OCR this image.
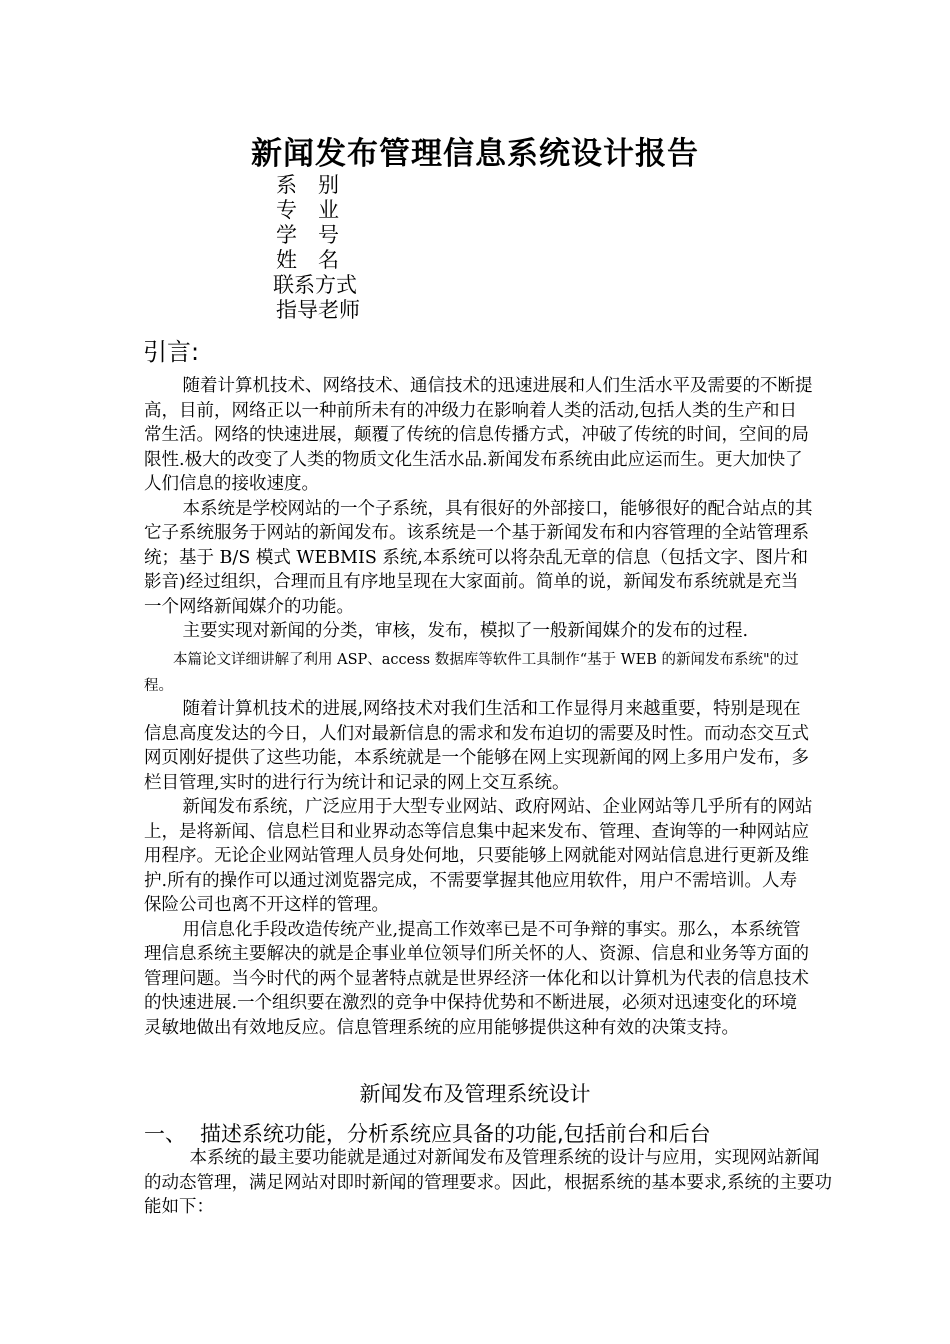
新闻发布管理信息系统设计报告
系　别
专　业
学　号
姓　名
联系方式
指导老师
引言:

随着计算机技术、网络技术、通信技术的迅速进展和人们生活水平及需要的不断提高，目前，网络正以一种前所未有的冲级力在影响着人类的活动,包括人类的生产和日常生活。网络的快速进展，颠覆了传统的信息传播方式，冲破了传统的时间，空间的局限性.极大的改变了人类的物质文化生活水品.新闻发布系统由此应运而生。更大加快了人们信息的接收速度。

本系统是学校网站的一个子系统，具有很好的外部接口，能够很好的配合站点的其它子系统服务于网站的新闻发布。该系统是一个基于新闻发布和内容管理的全站管理系统；基于 B/S 模式 WEBMIS 系统,本系统可以将杂乱无章的信息（包括文字、图片和影音)经过组织，合理而且有序地呈现在大家面前。简单的说，新闻发布系统就是充当一个网络新闻媒介的功能。

主要实现对新闻的分类，审核，发布，模拟了一般新闻媒介的发布的过程.

本篇论文详细讲解了利用 ASP、access 数据库等软件工具制作“基于 WEB 的新闻发布系统"的过程。

随着计算机技术的进展,网络技术对我们生活和工作显得月来越重要，特别是现在信息高度发达的今日，人们对最新信息的需求和发布迫切的需要及时性。而动态交互式网页刚好提供了这些功能，本系统就是一个能够在网上实现新闻的网上多用户发布，多栏目管理,实时的进行行为统计和记录的网上交互系统。

新闻发布系统，广泛应用于大型专业网站、政府网站、企业网站等几乎所有的网站上，是将新闻、信息栏目和业界动态等信息集中起来发布、管理、查询等的一种网站应用程序。无论企业网站管理人员身处何地，只要能够上网就能对网站信息进行更新及维护.所有的操作可以通过浏览器完成，不需要掌握其他应用软件，用户不需培训。人寿保险公司也离不开这样的管理。

用信息化手段改造传统产业,提高工作效率已是不可争辩的事实。那么，本系统管理信息系统主要解决的就是企事业单位领导们所关怀的人、资源、信息和业务等方面的管理问题。当今时代的两个显著特点就是世界经济一体化和以计算机为代表的信息技术的快速进展.一个组织要在激烈的竞争中保持优势和不断进展，必须对迅速变化的环境灵敏地做出有效地反应。信息管理系统的应用能够提供这种有效的决策支持。

新闻发布及管理系统设计
一、 描述系统功能，分析系统应具备的功能,包括前台和后台

本系统的最主要功能就是通过对新闻发布及管理系统的设计与应用，实现网站新闻的动态管理，满足网站对即时新闻的管理要求。因此，根据系统的基本要求,系统的主要功能如下：
